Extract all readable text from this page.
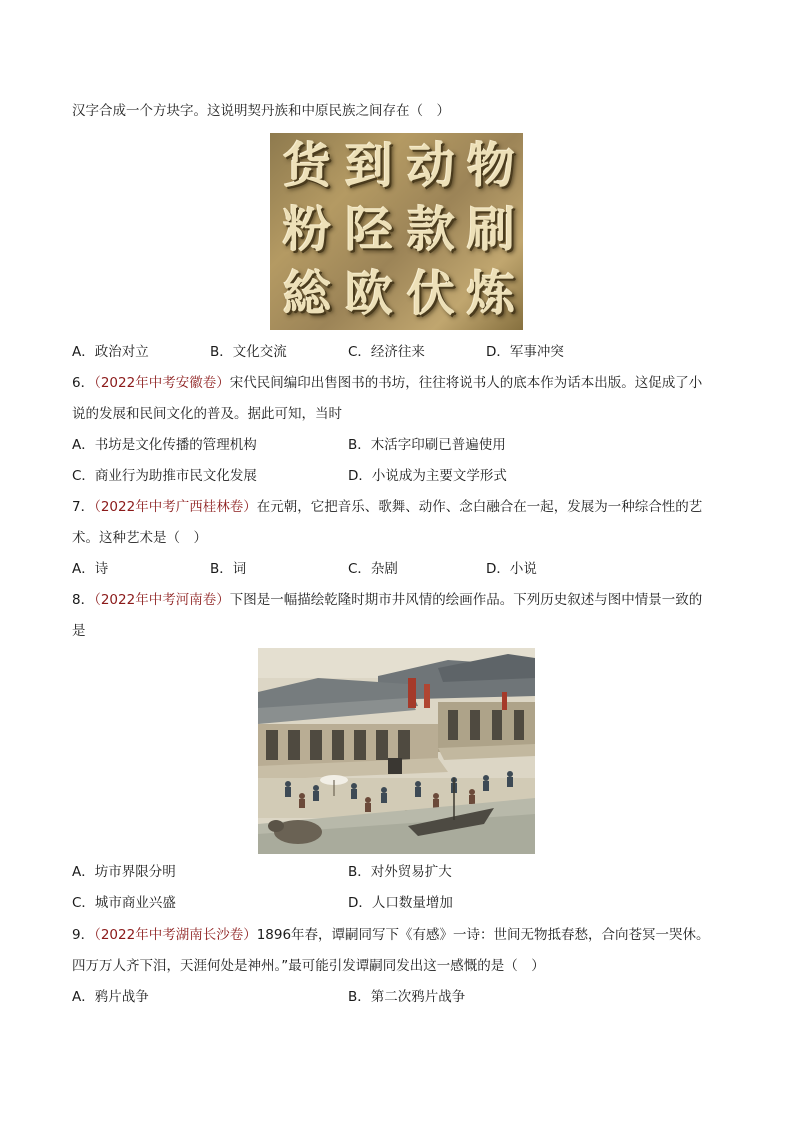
汉字合成一个方块字。这说明契丹族和中原民族之间存在（　）
货 到 动 物
粉 陉 款 刷
総 欧 伏 炼
A．政治对立	B．文化交流	C．经济往来	D．军事冲突
6．（2022年中考安徽卷）宋代民间编印出售图书的书坊，往往将说书人的底本作为话本出版。这促成了小
说的发展和民间文化的普及。据此可知，当时
A．书坊是文化传播的管理机构	B．木活字印刷已普遍使用
C．商业行为助推市民文化发展	D．小说成为主要文学形式
7．（2022年中考广西桂林卷）在元朝，它把音乐、歌舞、动作、念白融合在一起，发展为一种综合性的艺
术。这种艺术是（　）
A．诗	B．词	C．杂剧	D．小说
8．（2022年中考河南卷）下图是一幅描绘乾隆时期市井风情的绘画作品。下列历史叙述与图中情景一致的
是
A．坊市界限分明	B．对外贸易扩大
C．城市商业兴盛	D．人口数量增加
9．（2022年中考湖南长沙卷）1896年春，谭嗣同写下《有感》一诗：世间无物抵春愁，合向苍冥一哭休。
四万万人齐下泪，天涯何处是神州。”最可能引发谭嗣同发出这一感慨的是（　）
A．鸦片战争	B．第二次鸦片战争
